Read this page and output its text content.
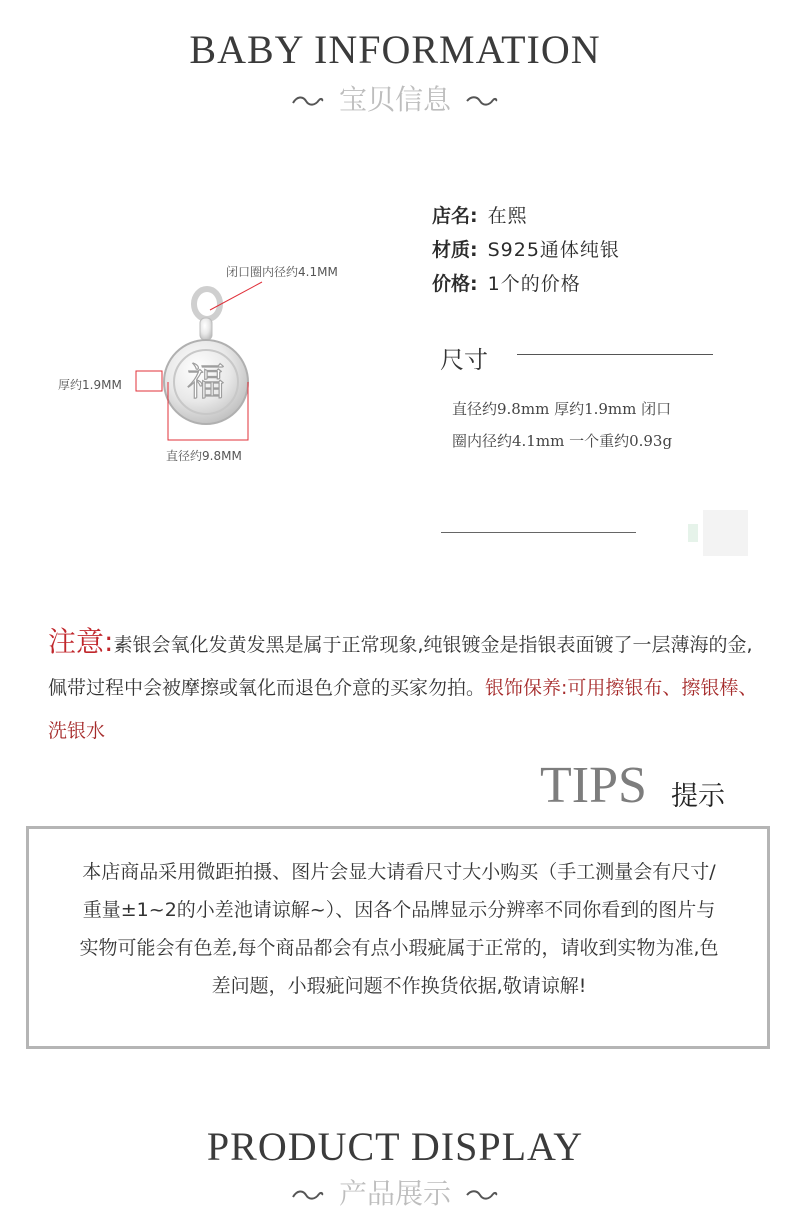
BABY INFORMATION
宝贝信息
福
闭口圈内径约4.1MM
厚约1.9MM
直径约9.8MM
店名: 在熙
材质: S925通体纯银
价格: 1个的价格
尺寸
直径约9.8mm 厚约1.9mm 闭口
圈内径约4.1mm 一个重约0.93g
注意:素银会氧化发黄发黑是属于正常现象,纯银镀金是指银表面镀了一层薄海的金,佩带过程中会被摩擦或氧化而退色介意的买家勿拍。银饰保养:可用擦银布、擦银棒、洗银水
TIPS 提示
本店商品采用微距拍摄、图片会显大请看尺寸大小购买（手工测量会有尺寸/重量±1~2的小差池请谅解~）、因各个品牌显示分辨率不同你看到的图片与实物可能会有色差,每个商品都会有点小瑕疵属于正常的，请收到实物为准,色差问题，小瑕疵问题不作换货依据,敬请谅解!
PRODUCT DISPLAY
产品展示
